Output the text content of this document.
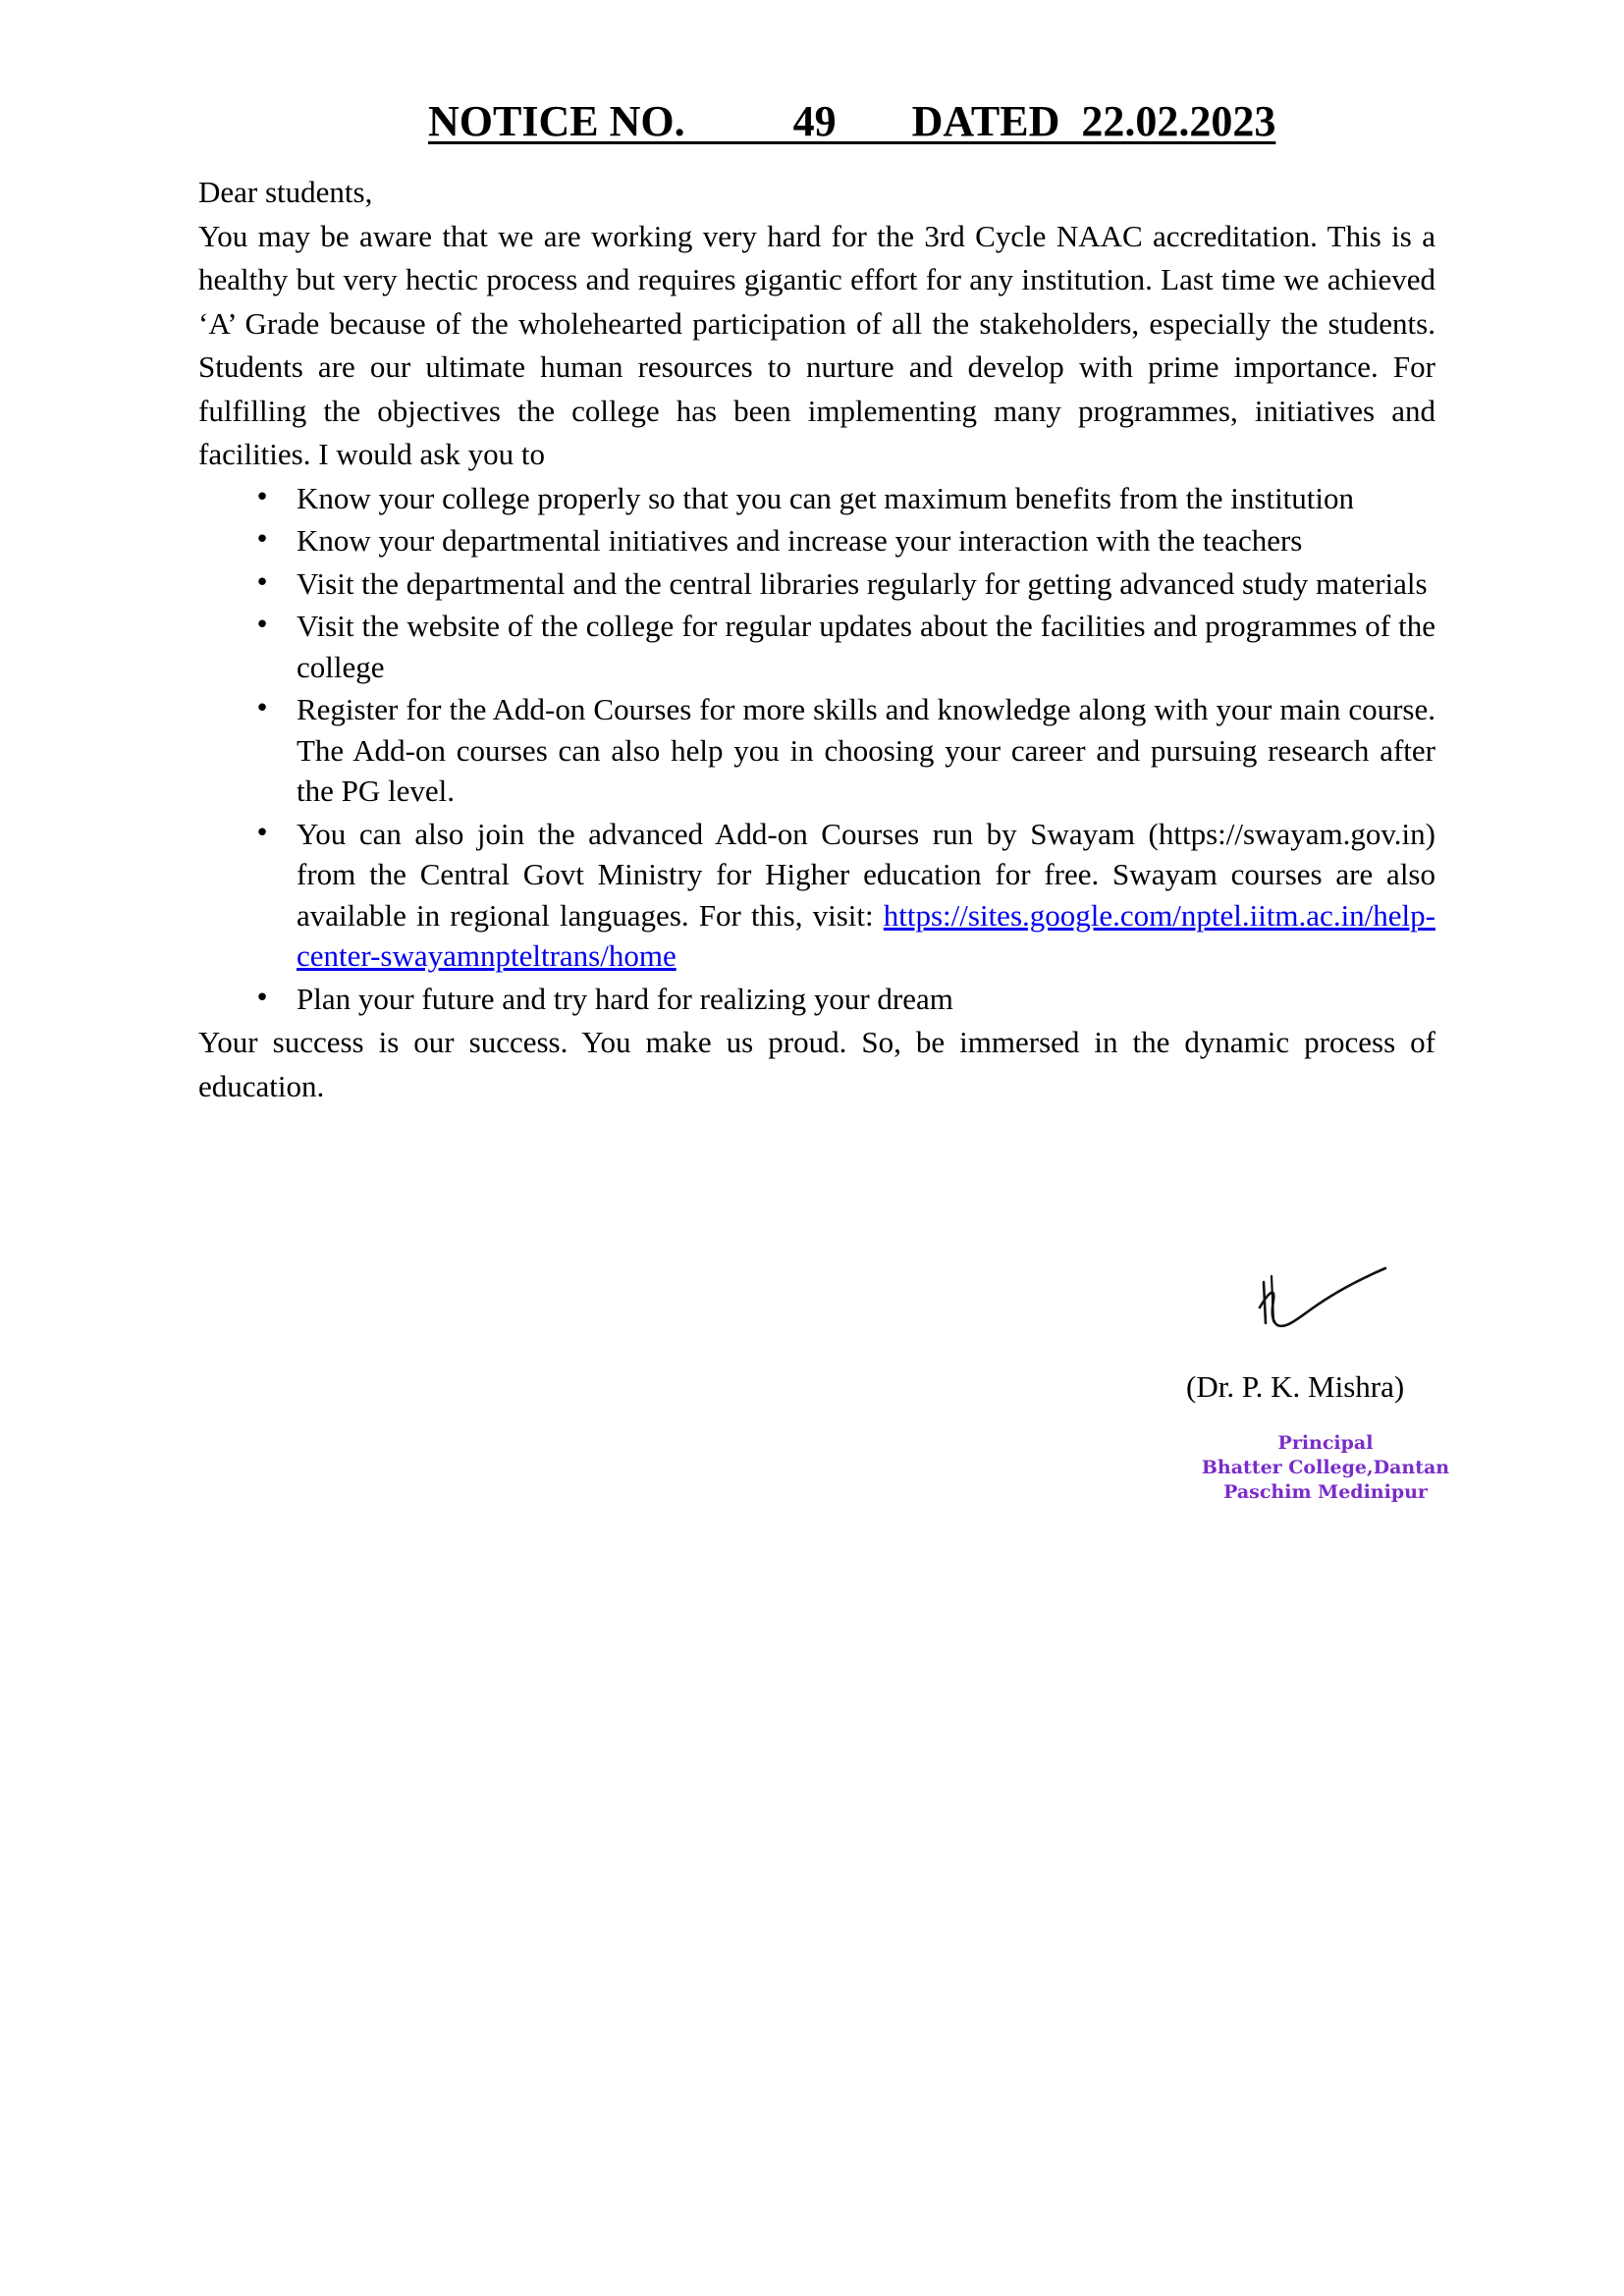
NOTICE NO.          49       DATED  22.02.2023

Dear students,

You may be aware that we are working very hard for the 3rd Cycle NAAC accreditation. This is a healthy but very hectic process and requires gigantic effort for any institution. Last time we achieved ‘A’ Grade because of the wholehearted participation of all the stakeholders, especially the students. Students are our ultimate human resources to nurture and develop with prime importance. For fulfilling the objectives the college has been implementing many programmes, initiatives and facilities. I would ask you to

• Know your college properly so that you can get maximum benefits from the institution
• Know your departmental initiatives and increase your interaction with the teachers
• Visit the departmental and the central libraries regularly for getting advanced study materials
• Visit the website of the college for regular updates about the facilities and programmes of the college
• Register for the Add-on Courses for more skills and knowledge along with your main course. The Add-on courses can also help you in choosing your career and pursuing research after the PG level.
• You can also join the advanced Add-on Courses run by Swayam (https://swayam.gov.in) from the Central Govt Ministry for Higher education for free. Swayam courses are also available in regional languages. For this, visit: https://sites.google.com/nptel.iitm.ac.in/help-center-swayamnpteltrans/home
• Plan your future and try hard for realizing your dream

Your success is our success. You make us proud. So, be immersed in the dynamic process of education.

(Dr. P. K. Mishra)
Principal
Bhatter College,Dantan
Paschim Medinipur
